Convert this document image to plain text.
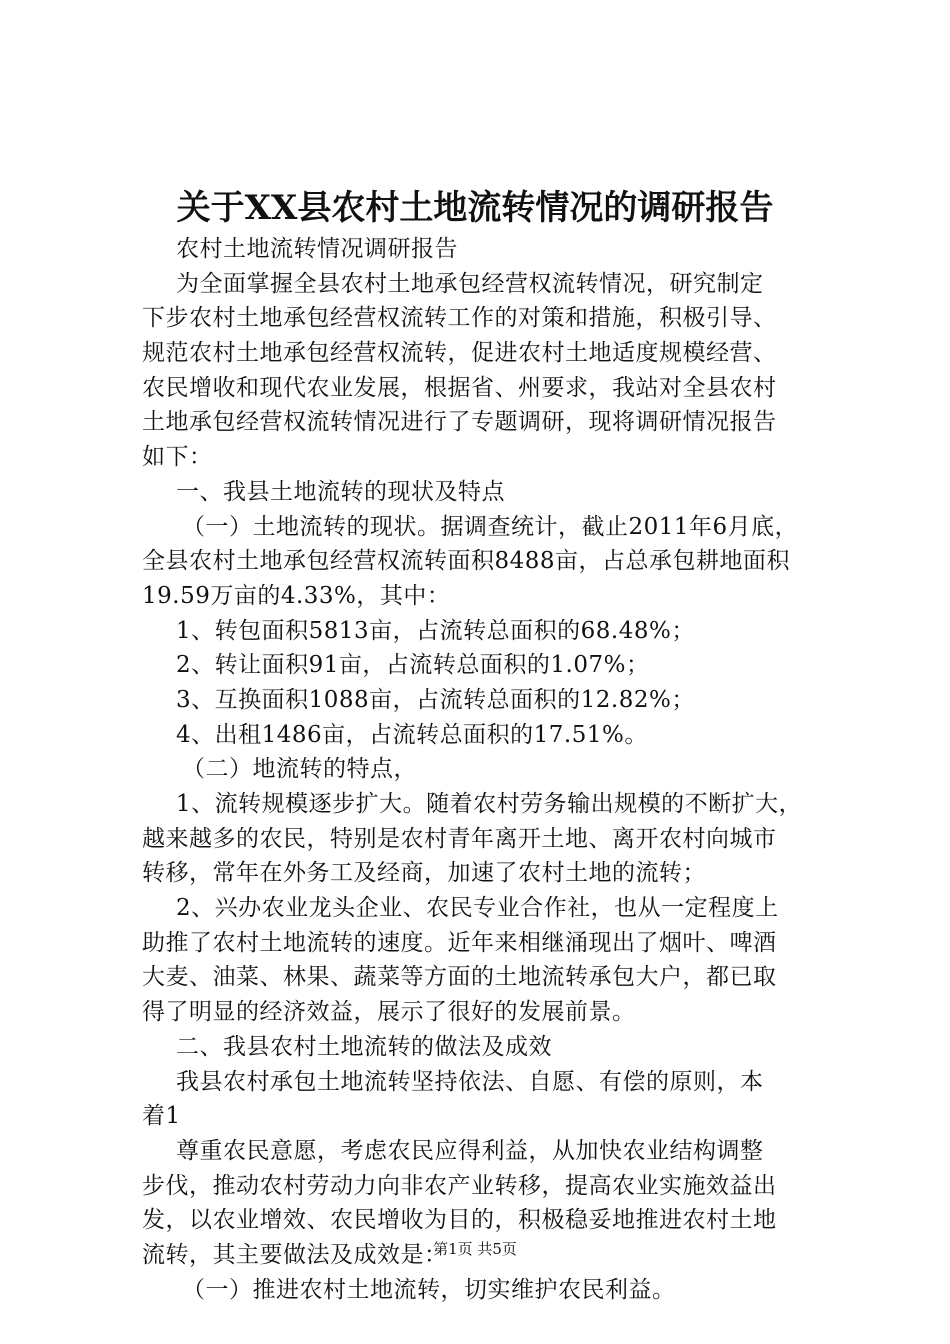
关于XX县农村土地流转情况的调研报告
农村土地流转情况调研报告
为全面掌握全县农村土地承包经营权流转情况，研究制定
下步农村土地承包经营权流转工作的对策和措施，积极引导、
规范农村土地承包经营权流转，促进农村土地适度规模经营、
农民增收和现代农业发展，根据省、州要求，我站对全县农村
土地承包经营权流转情况进行了专题调研，现将调研情况报告
如下：
一、我县土地流转的现状及特点
（一）土地流转的现状。据调查统计，截止2011年6月底，
全县农村土地承包经营权流转面积8488亩，占总承包耕地面积
19.59万亩的4.33%，其中：
1、转包面积5813亩，占流转总面积的68.48%；
2、转让面积91亩，占流转总面积的1.07%；
3、互换面积1088亩，占流转总面积的12.82%；
4、出租1486亩，占流转总面积的17.51%。
（二）地流转的特点，
1、流转规模逐步扩大。随着农村劳务输出规模的不断扩大，
越来越多的农民，特别是农村青年离开土地、离开农村向城市
转移，常年在外务工及经商，加速了农村土地的流转；
2、兴办农业龙头企业、农民专业合作社，也从一定程度上
助推了农村土地流转的速度。近年来相继涌现出了烟叶、啤酒
大麦、油菜、林果、蔬菜等方面的土地流转承包大户，都已取
得了明显的经济效益，展示了很好的发展前景。
二、我县农村土地流转的做法及成效
我县农村承包土地流转坚持依法、自愿、有偿的原则，本
着1
尊重农民意愿，考虑农民应得利益，从加快农业结构调整
步伐，推动农村劳动力向非农产业转移，提高农业实施效益出
发，以农业增效、农民增收为目的，积极稳妥地推进农村土地
流转，其主要做法及成效是：
（一）推进农村土地流转，切实维护农民利益。
第1页 共5页
